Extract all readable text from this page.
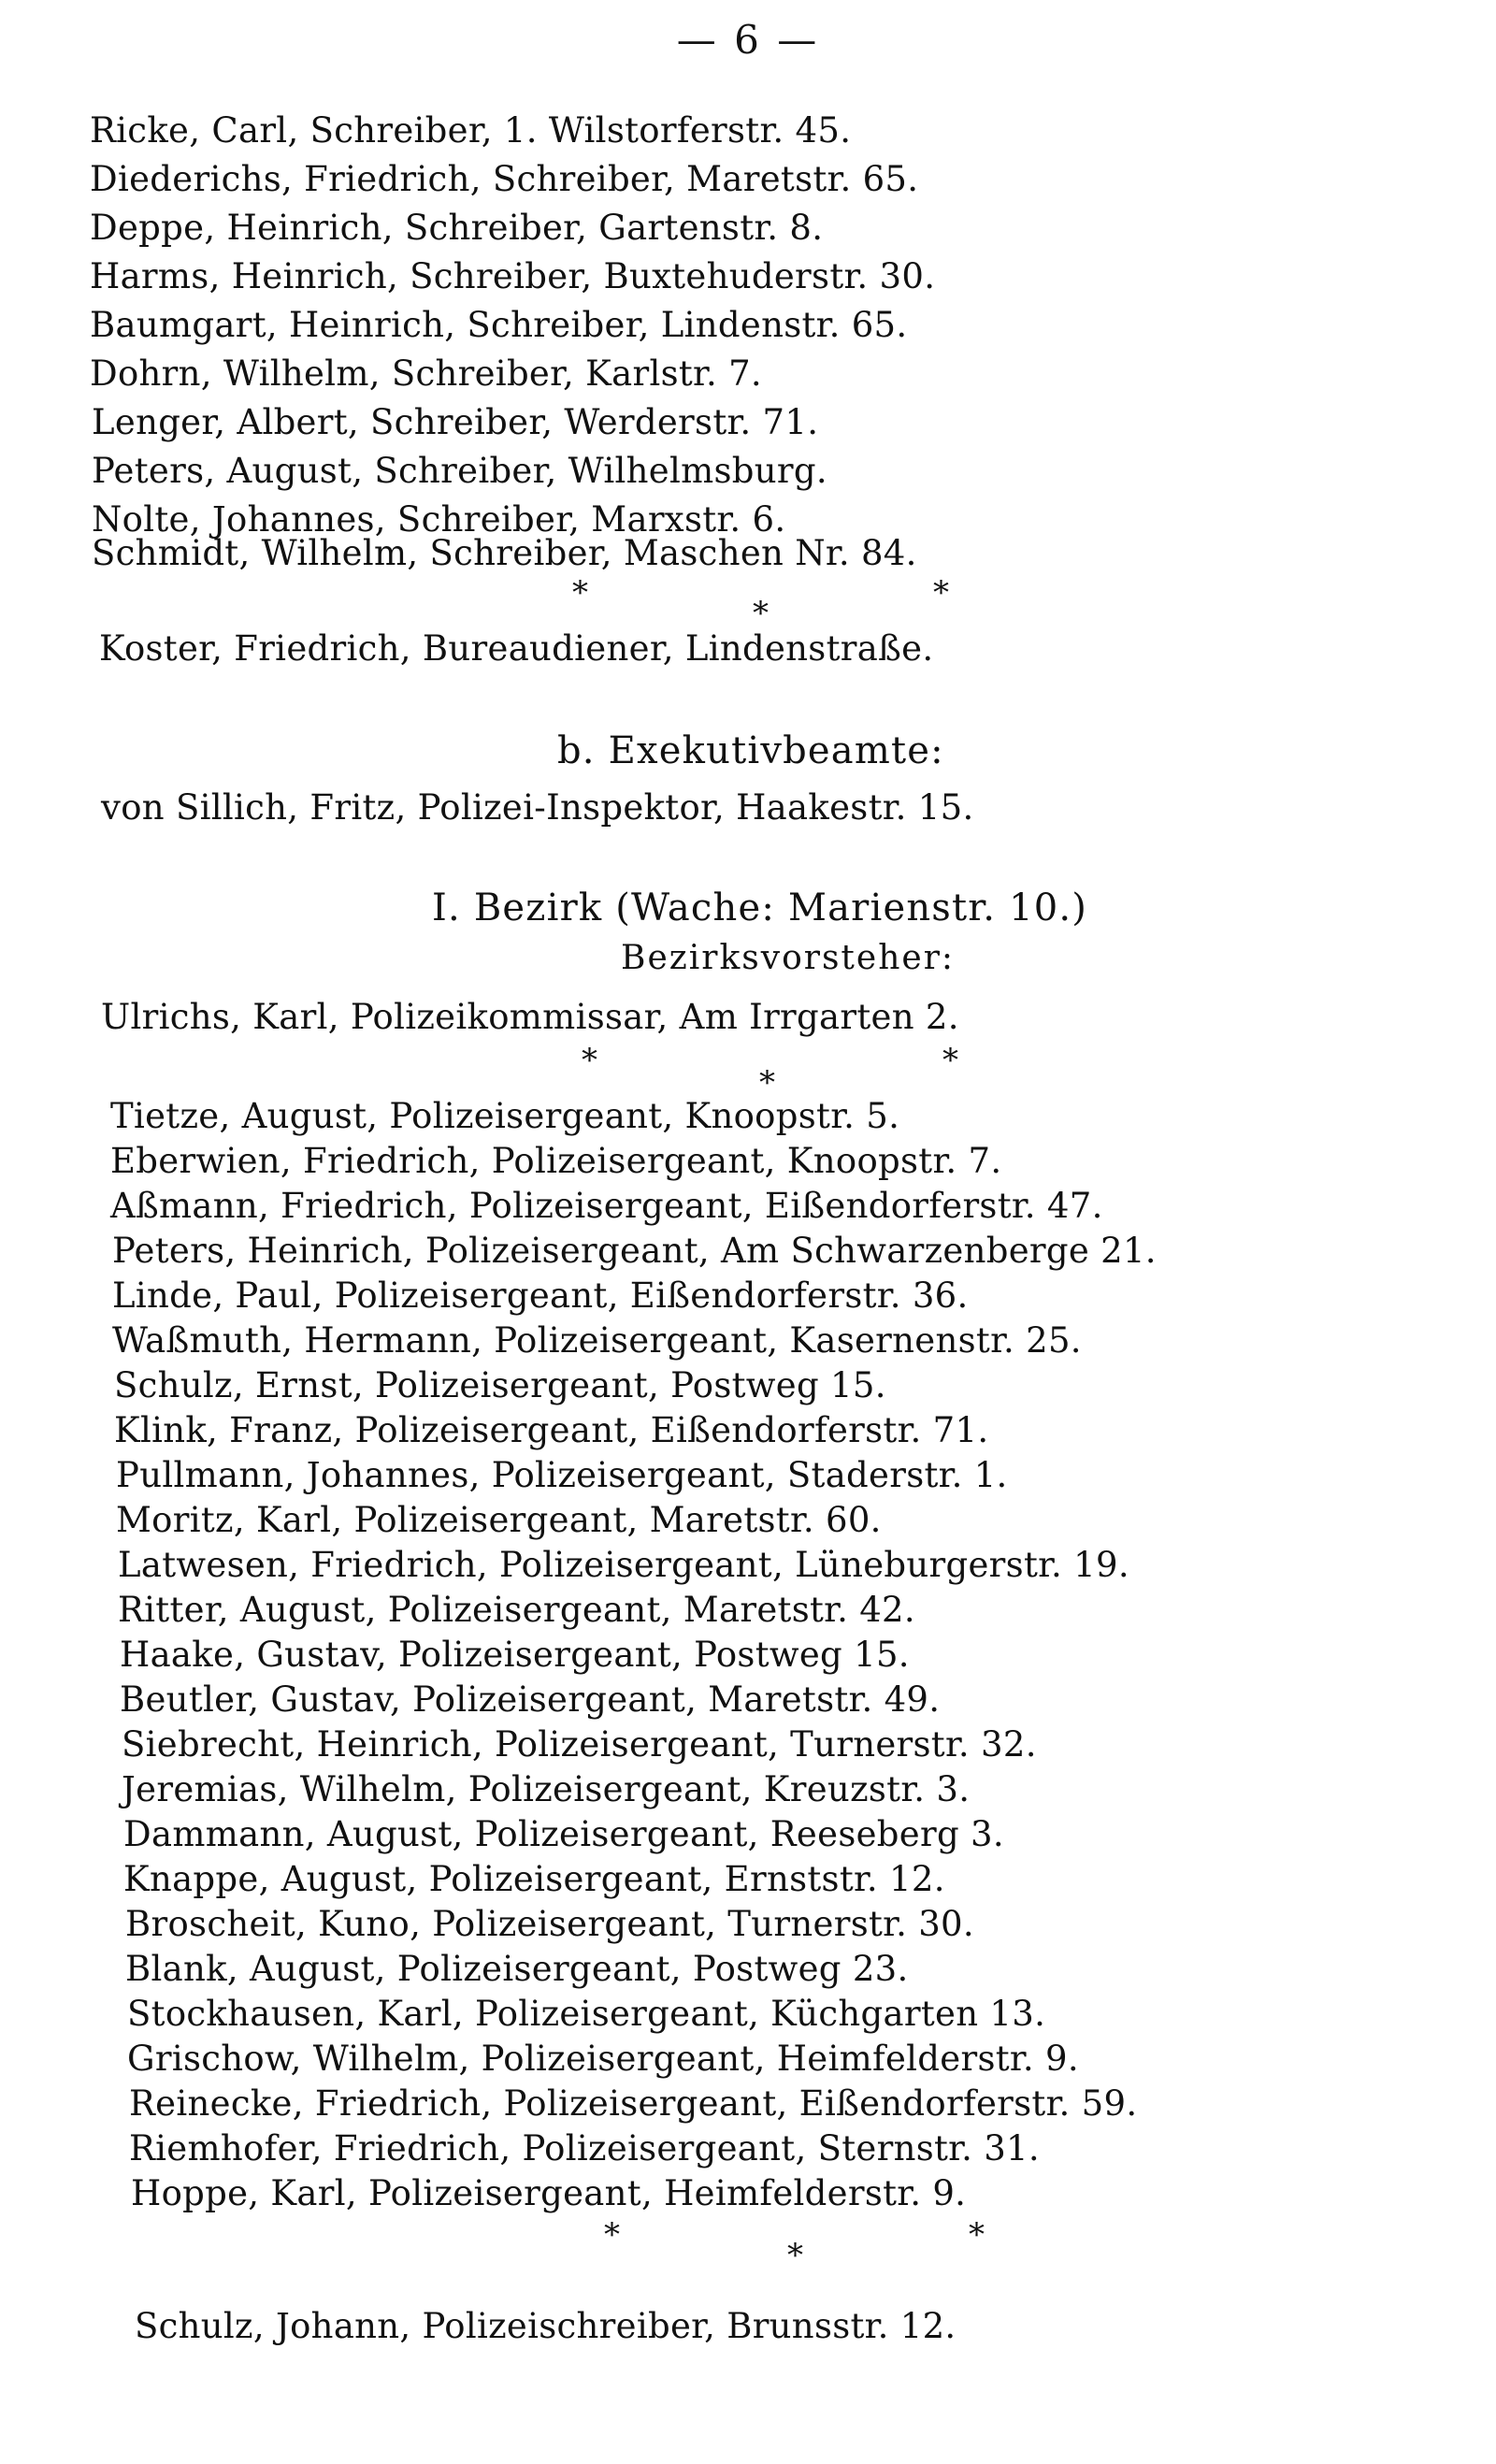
— 6 —
Ricke, Carl, Schreiber, 1. Wilstorferstr. 45.
Diederichs, Friedrich, Schreiber, Maretstr. 65.
Deppe, Heinrich, Schreiber, Gartenstr. 8.
Harms, Heinrich, Schreiber, Buxtehuderstr. 30.
Baumgart, Heinrich, Schreiber, Lindenstr. 65.
Dohrn, Wilhelm, Schreiber, Karlstr. 7.
Lenger, Albert, Schreiber, Werderstr. 71.
Peters, August, Schreiber, Wilhelmsburg.
Nolte, Johannes, Schreiber, Marxstr. 6.
Schmidt, Wilhelm, Schreiber, Maschen Nr. 84.
*
*
*
Koster, Friedrich, Bureaudiener, Lindenstraße.
b. Exekutivbeamte:
von Sillich, Fritz, Polizei-Inspektor, Haakestr. 15.
I. Bezirk (Wache: Marienstr. 10.)
Bezirksvorsteher:
Ulrichs, Karl, Polizeikommissar, Am Irrgarten 2.
*
*
*
Tietze, August, Polizeisergeant, Knoopstr. 5.
Eberwien, Friedrich, Polizeisergeant, Knoopstr. 7.
Aßmann, Friedrich, Polizeisergeant, Eißendorferstr. 47.
Peters, Heinrich, Polizeisergeant, Am Schwarzenberge 21.
Linde, Paul, Polizeisergeant, Eißendorferstr. 36.
Waßmuth, Hermann, Polizeisergeant, Kasernenstr. 25.
Schulz, Ernst, Polizeisergeant, Postweg 15.
Klink, Franz, Polizeisergeant, Eißendorferstr. 71.
Pullmann, Johannes, Polizeisergeant, Staderstr. 1.
Moritz, Karl, Polizeisergeant, Maretstr. 60.
Latwesen, Friedrich, Polizeisergeant, Lüneburgerstr. 19.
Ritter, August, Polizeisergeant, Maretstr. 42.
Haake, Gustav, Polizeisergeant, Postweg 15.
Beutler, Gustav, Polizeisergeant, Maretstr. 49.
Siebrecht, Heinrich, Polizeisergeant, Turnerstr. 32.
Jeremias, Wilhelm, Polizeisergeant, Kreuzstr. 3.
Dammann, August, Polizeisergeant, Reeseberg 3.
Knappe, August, Polizeisergeant, Ernststr. 12.
Broscheit, Kuno, Polizeisergeant, Turnerstr. 30.
Blank, August, Polizeisergeant, Postweg 23.
Stockhausen, Karl, Polizeisergeant, Küchgarten 13.
Grischow, Wilhelm, Polizeisergeant, Heimfelderstr. 9.
Reinecke, Friedrich, Polizeisergeant, Eißendorferstr. 59.
Riemhofer, Friedrich, Polizeisergeant, Sternstr. 31.
Hoppe, Karl, Polizeisergeant, Heimfelderstr. 9.
*
*
*
Schulz, Johann, Polizeischreiber, Brunsstr. 12.
